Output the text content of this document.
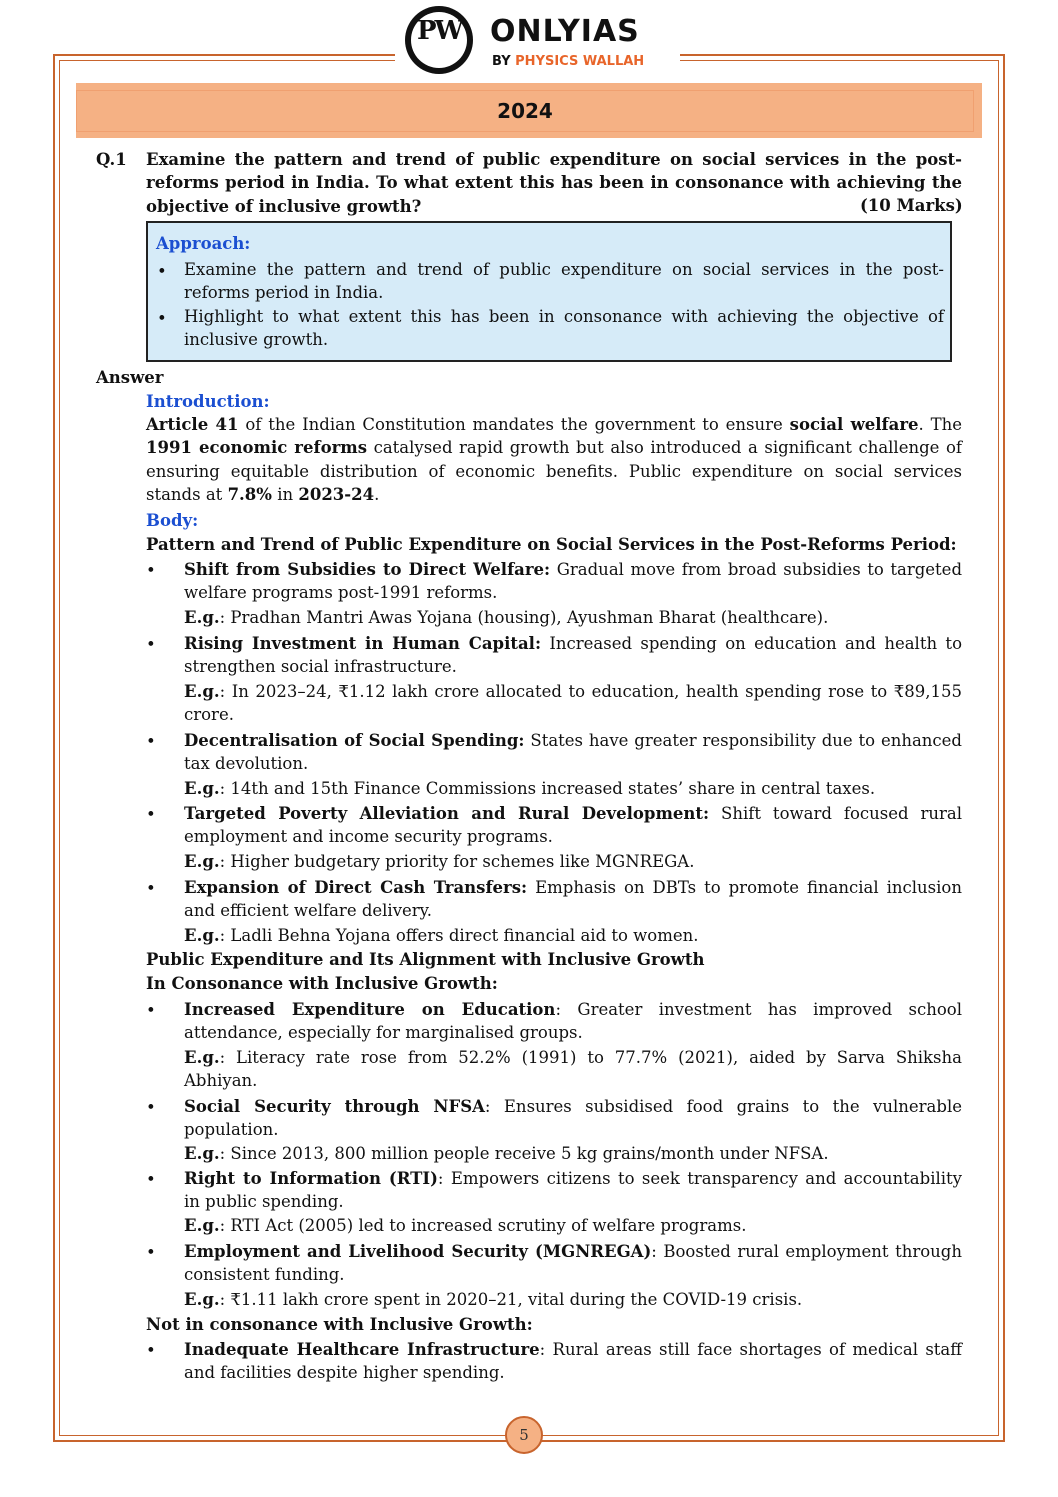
PW ONLYIAS
BY PHYSICS WALLAH
2024
Q.1 Examine the pattern and trend of public expenditure on social services in the post-reforms period in India. To what extent this has been in consonance with achieving the objective of inclusive growth?	(10 Marks)
Approach:
• Examine the pattern and trend of public expenditure on social services in the post-reforms period in India.
• Highlight to what extent this has been in consonance with achieving the objective of inclusive growth.
Answer
Introduction:
Article 41 of the Indian Constitution mandates the government to ensure social welfare. The 1991 economic reforms catalysed rapid growth but also introduced a significant challenge of ensuring equitable distribution of economic benefits. Public expenditure on social services stands at 7.8% in 2023-24.
Body:
Pattern and Trend of Public Expenditure on Social Services in the Post-Reforms Period:
• Shift from Subsidies to Direct Welfare: Gradual move from broad subsidies to targeted welfare programs post-1991 reforms.
E.g.: Pradhan Mantri Awas Yojana (housing), Ayushman Bharat (healthcare).
• Rising Investment in Human Capital: Increased spending on education and health to strengthen social infrastructure.
E.g.: In 2023–24, ₹1.12 lakh crore allocated to education, health spending rose to ₹89,155 crore.
• Decentralisation of Social Spending: States have greater responsibility due to enhanced tax devolution.
E.g.: 14th and 15th Finance Commissions increased states’ share in central taxes.
• Targeted Poverty Alleviation and Rural Development: Shift toward focused rural employment and income security programs.
E.g.: Higher budgetary priority for schemes like MGNREGA.
• Expansion of Direct Cash Transfers: Emphasis on DBTs to promote financial inclusion and efficient welfare delivery.
E.g.: Ladli Behna Yojana offers direct financial aid to women.
Public Expenditure and Its Alignment with Inclusive Growth
In Consonance with Inclusive Growth:
• Increased Expenditure on Education: Greater investment has improved school attendance, especially for marginalised groups.
E.g.: Literacy rate rose from 52.2% (1991) to 77.7% (2021), aided by Sarva Shiksha Abhiyan.
• Social Security through NFSA: Ensures subsidised food grains to the vulnerable population.
E.g.: Since 2013, 800 million people receive 5 kg grains/month under NFSA.
• Right to Information (RTI): Empowers citizens to seek transparency and accountability in public spending.
E.g.: RTI Act (2005) led to increased scrutiny of welfare programs.
• Employment and Livelihood Security (MGNREGA): Boosted rural employment through consistent funding.
E.g.: ₹1.11 lakh crore spent in 2020–21, vital during the COVID-19 crisis.
Not in consonance with Inclusive Growth:
• Inadequate Healthcare Infrastructure: Rural areas still face shortages of medical staff and facilities despite higher spending.
5
